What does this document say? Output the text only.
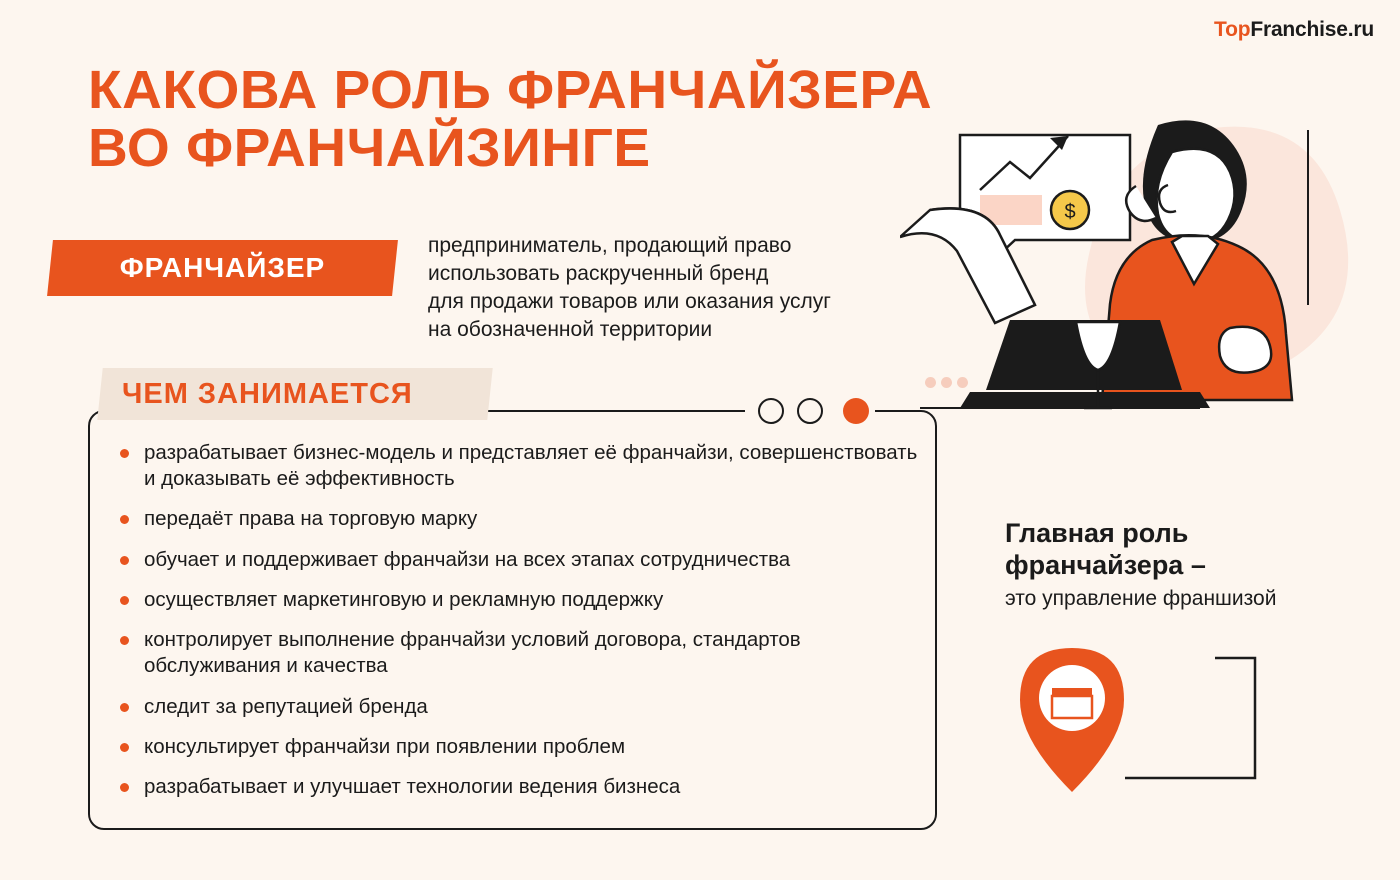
TopFranchise.ru
КАКОВА РОЛЬ ФРАНЧАЙЗЕРА
ВО ФРАНЧАЙЗИНГЕ
ФРАНЧАЙЗЕР
предприниматель, продающий право
использовать раскрученный бренд
для продажи товаров или оказания услуг
на обозначенной территории
ЧЕМ ЗАНИМАЕТСЯ
разрабатывает бизнес-модель и представляет её франчайзи, совершенствовать и доказывать её эффективность
передаёт права на торговую марку
обучает и поддерживает франчайзи на всех этапах сотрудничества
осуществляет маркетинговую и рекламную поддержку
контролирует выполнение франчайзи условий договора, стандартов обслуживания и качества
следит за репутацией бренда
консультирует франчайзи при появлении проблем
разрабатывает и улучшает технологии ведения бизнеса
Главная роль
франчайзера –
это управление франшизой
$
